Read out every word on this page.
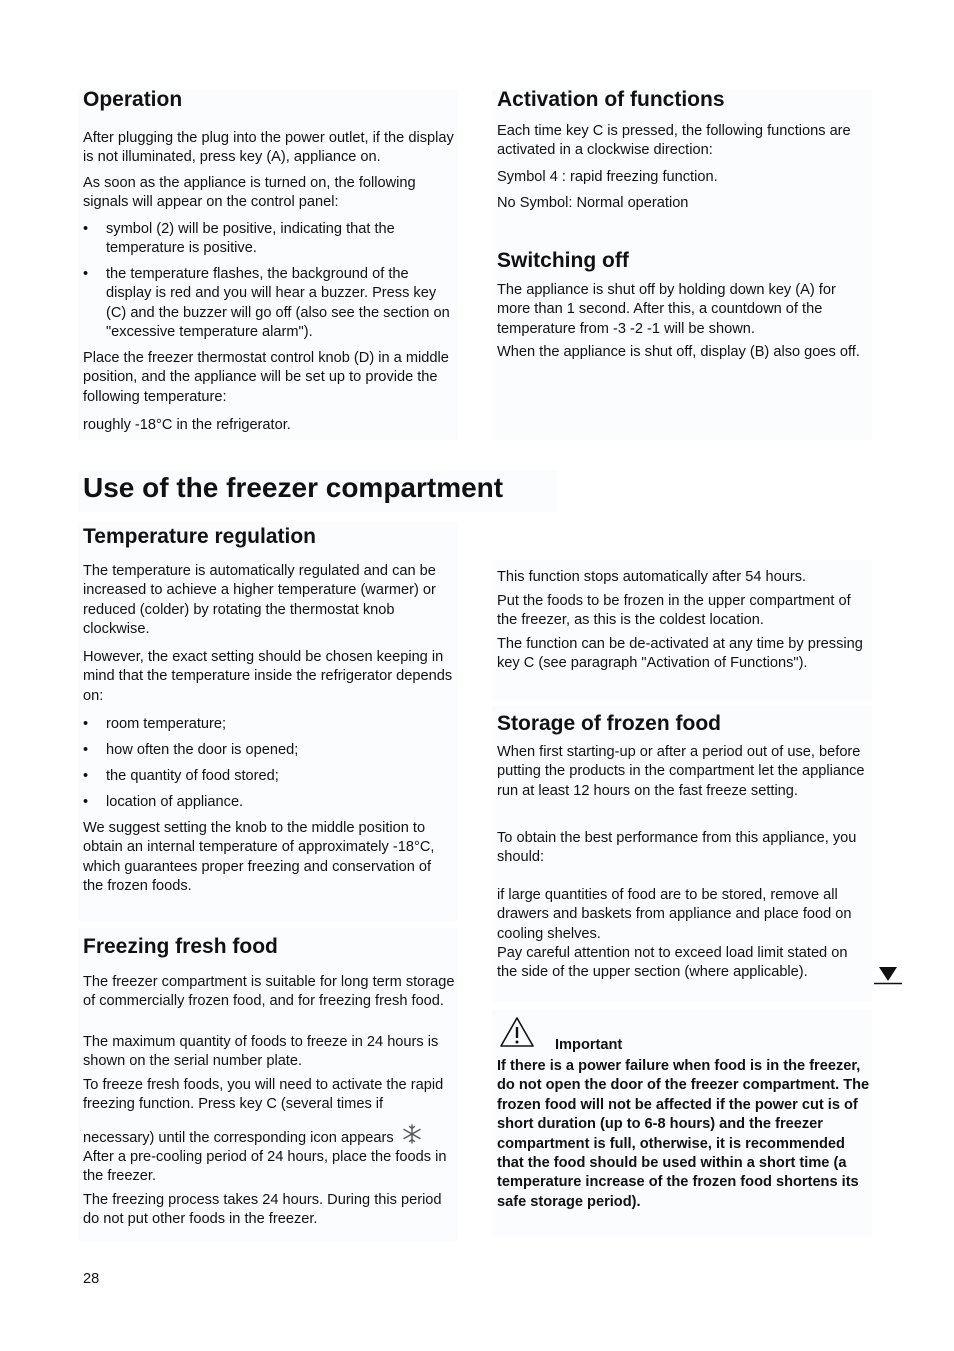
Operation

After plugging the plug into the power outlet, if the display is not illuminated, press key (A), appliance on.

As soon as the appliance is turned on, the following signals will appear on the control panel:

• symbol (2) will be positive, indicating that the temperature is positive.
• the temperature flashes, the background of the display is red and you will hear a buzzer. Press key (C) and the buzzer will go off (also see the section on "excessive temperature alarm").

Place the freezer thermostat control knob (D) in a middle position, and the appliance will be set up to provide the following temperature:

roughly -18°C in the refrigerator.

Activation of functions

Each time key C is pressed, the following functions are activated in a clockwise direction:

Symbol 4 : rapid freezing function.

No Symbol: Normal operation

Switching off

The appliance is shut off by holding down key (A) for more than 1 second. After this, a countdown of the temperature from -3 -2 -1 will be shown.

When the appliance is shut off, display (B) also goes off.

Use of the freezer compartment
Temperature regulation

The temperature is automatically regulated and can be increased to achieve a higher temperature (warmer) or reduced (colder) by rotating the thermostat knob clockwise.

However, the exact setting should be chosen keeping in mind that the temperature inside the refrigerator depends on:

• room temperature;
• how often the door is opened;
• the quantity of food stored;
• location of appliance.

We suggest setting the knob to the middle position to obtain an internal temperature of approximately -18°C, which guarantees proper freezing and conservation of the frozen foods.

Freezing fresh food

The freezer compartment is suitable for long term storage of commercially frozen food, and for freezing fresh food.

The maximum quantity of foods to freeze in 24 hours is shown on the serial number plate.

To freeze fresh foods, you will need to activate the rapid freezing function. Press key C (several times if

necessary) until the corresponding icon appears

After a pre-cooling period of 24 hours, place the foods in the freezer.

The freezing process takes 24 hours. During this period do not put other foods in the freezer.

This function stops automatically after 54 hours.

Put the foods to be frozen in the upper compartment of the freezer, as this is the coldest location.

The function can be de-activated at any time by pressing key C (see paragraph "Activation of Functions").

Storage of frozen food

When first starting-up or after a period out of use, before putting the products in the compartment let the appliance run at least 12 hours on the fast freeze setting.

To obtain the best performance from this appliance, you should:

if large quantities of food are to be stored, remove all drawers and baskets from appliance and place food on cooling shelves.

Pay careful attention not to exceed load limit stated on the side of the upper section (where applicable).

Important

If there is a power failure when food is in the freezer, do not open the door of the freezer compartment. The frozen food will not be affected if the power cut is of short duration (up to 6-8 hours) and the freezer compartment is full, otherwise, it is recommended that the food should be used within a short time (a temperature increase of the frozen food shortens its safe storage period).

28
